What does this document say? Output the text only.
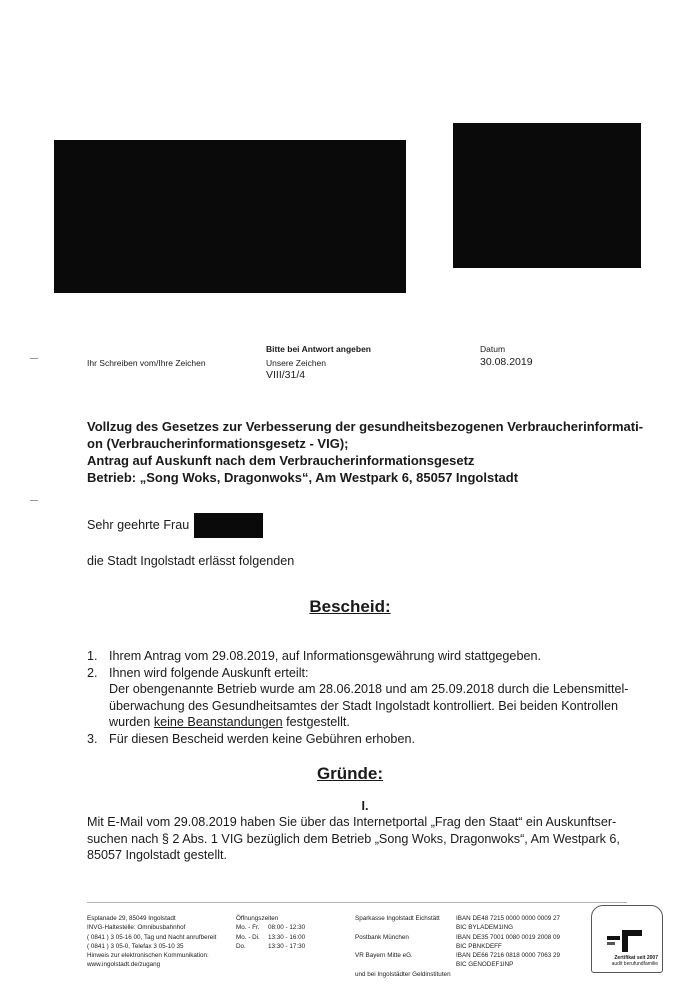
Ihr Schreiben vom/Ihre Zeichen
Bitte bei Antwort angeben
Unsere Zeichen
VIII/31/4
Datum
30.08.2019
Vollzug des Gesetzes zur Verbesserung der gesundheitsbezogenen Verbraucherinformati-
on (Verbraucherinformationsgesetz - VIG);
Antrag auf Auskunft nach dem Verbraucherinformationsgesetz
Betrieb: „Song Woks, Dragonwoks“, Am Westpark 6, 85057 Ingolstadt
Sehr geehrte Frau
die Stadt Ingolstadt erlässt folgenden
Bescheid:
1. Ihrem Antrag vom 29.08.2019, auf Informationsgewährung wird stattgegeben.
2. Ihnen wird folgende Auskunft erteilt:
Der obengenannte Betrieb wurde am 28.06.2018 und am 25.09.2018 durch die Lebensmittel-
überwachung des Gesundheitsamtes der Stadt Ingolstadt kontrolliert. Bei beiden Kontrollen
wurden keine Beanstandungen festgestellt.
3. Für diesen Bescheid werden keine Gebühren erhoben.
Gründe:
I.
Mit E-Mail vom 29.08.2019 haben Sie über das Internetportal „Frag den Staat“ ein Auskunftser-
suchen nach § 2 Abs. 1 VIG bezüglich dem Betrieb „Song Woks, Dragonwoks“, Am Westpark 6,
85057 Ingolstadt gestellt.
Esplanade 29, 85049 Ingolstadt
INVG-Haltestelle: Omnibusbahnhof
( 0841 ) 3 05-16 00, Tag und Nacht anrufbereit
( 0841 ) 3 05-0, Telefax 3 05-10 35
Hinweis zur elektronischen Kommunikation:
www.ingolstadt.de/zugang
Öffnungszeiten
Mo. - Fr. 08:00 - 12:30
Mo. - Di. 13:30 - 16:00
Do.	13:30 - 17:30
Sparkasse Ingolstadt Eichstätt	IBAN DE48 7215 0000 0000 0009 27
BIC BYLADEM1ING
Postbank München	IBAN DE35 7001 0080 0019 2008 09
BIC PBNKDEFF
VR Bayern Mitte eG.	IBAN DE66 7216 0818 0000 7063 29
BIC GENODEF1INP
und bei Ingolstädter Geldinstituten
Zertifikat seit 2007
audit berufundfamilie
